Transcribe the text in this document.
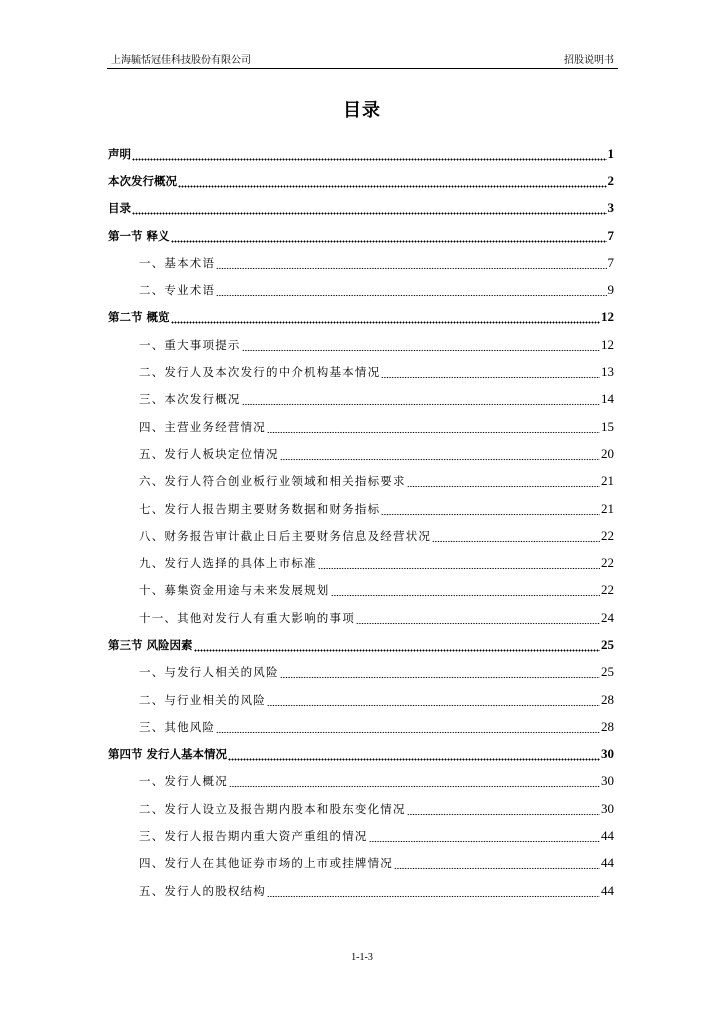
上海毓恬冠佳科技股份有限公司	招股说明书
目录
声明	1
本次发行概况	2
目录	3
第一节 释义	7
一、基本术语	7
二、专业术语	9
第二节 概览	12
一、重大事项提示	12
二、发行人及本次发行的中介机构基本情况	13
三、本次发行概况	14
四、主营业务经营情况	15
五、发行人板块定位情况	20
六、发行人符合创业板行业领域和相关指标要求	21
七、发行人报告期主要财务数据和财务指标	21
八、财务报告审计截止日后主要财务信息及经营状况	22
九、发行人选择的具体上市标准	22
十、募集资金用途与未来发展规划	22
十一、其他对发行人有重大影响的事项	24
第三节 风险因素	25
一、与发行人相关的风险	25
二、与行业相关的风险	28
三、其他风险	28
第四节 发行人基本情况	30
一、发行人概况	30
二、发行人设立及报告期内股本和股东变化情况	30
三、发行人报告期内重大资产重组的情况	44
四、发行人在其他证券市场的上市或挂牌情况	44
五、发行人的股权结构	44
1-1-3
